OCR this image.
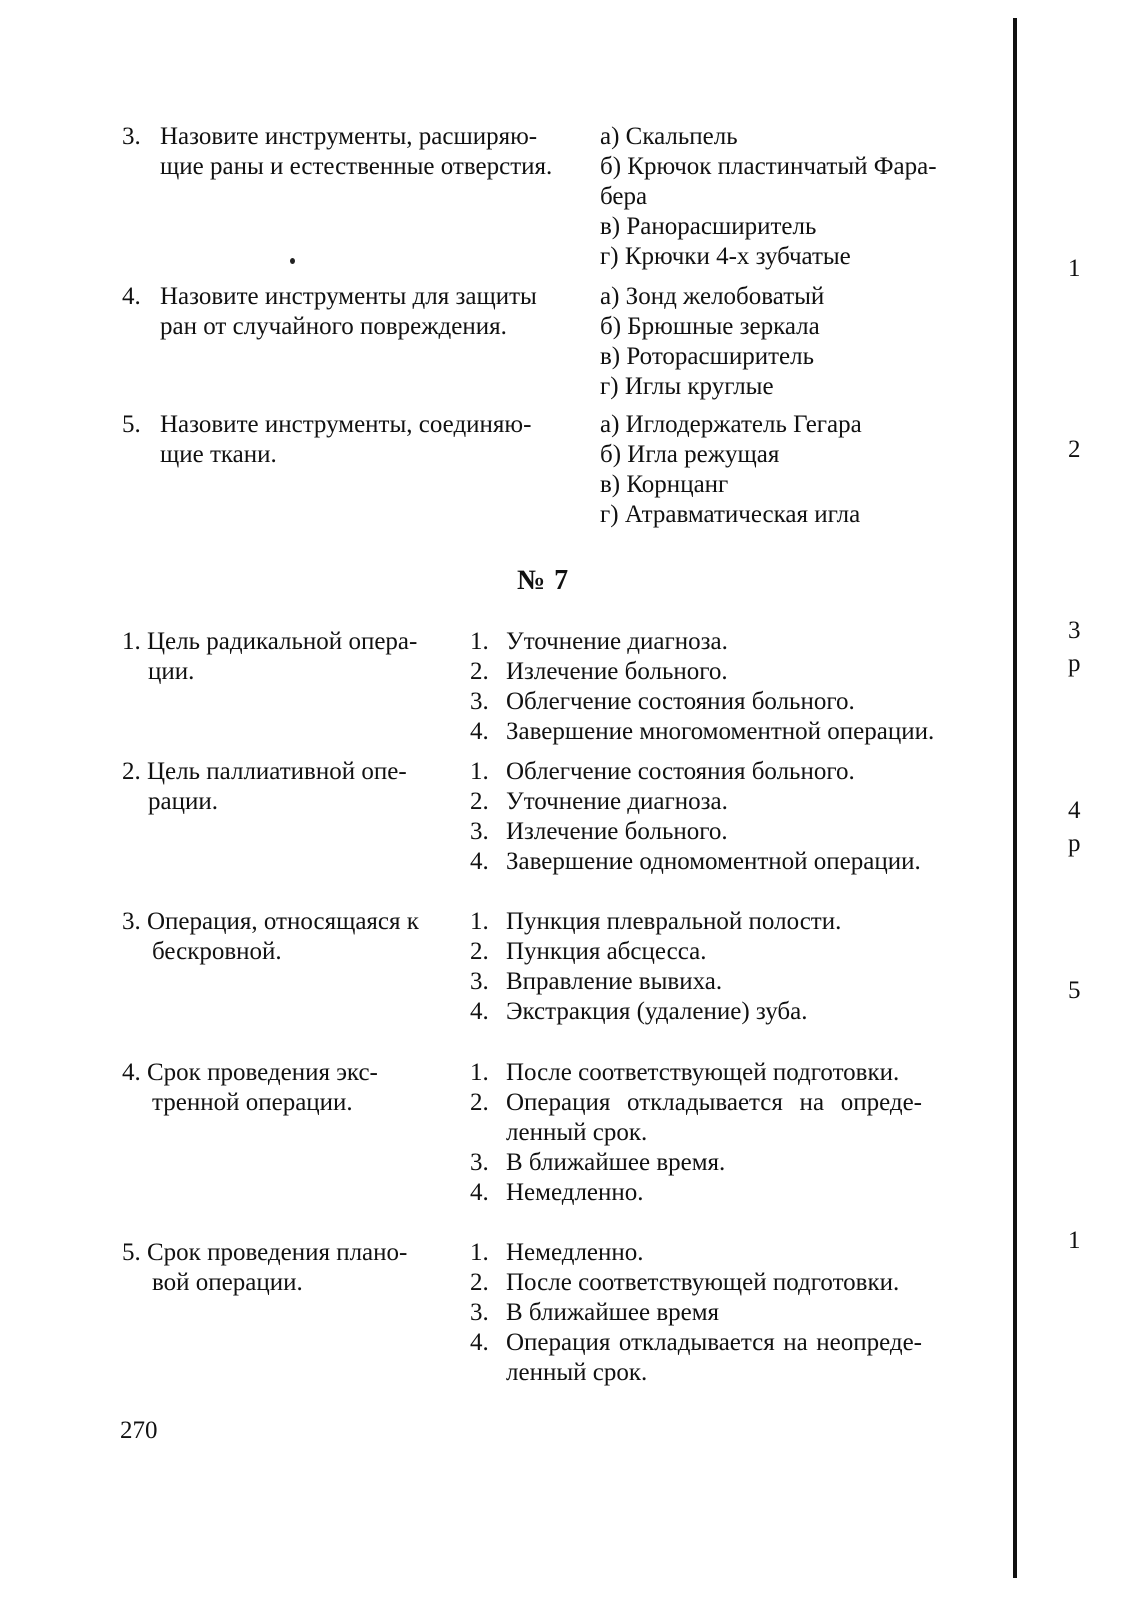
3. Назовите инструменты, расширяю-
щие раны и естественные отверстия.
а) Скальпель
б) Крючок пластинчатый Фара-
бера
в) Ранорасширитель
г) Крючки 4-х зубчатые
4. Назовите инструменты для защиты
ран от случайного повреждения.
а) Зонд желобоватый
б) Брюшные зеркала
в) Роторасширитель
г) Иглы круглые
5. Назовите инструменты, соединяю-
щие ткани.
а) Иглодержатель Гегара
б) Игла режущая
в) Корнцанг
г) Атравматическая игла
№ 7
1. Цель радикальной опера-
ции.
1. Уточнение диагноза.
2. Излечение больного.
3. Облегчение состояния больного.
4. Завершение многомоментной операции.
2. Цель паллиативной опе-
рации.
1. Облегчение состояния больного.
2. Уточнение диагноза.
3. Излечение больного.
4. Завершение одномоментной операции.
3. Операция, относящаяся к
бескровной.
1. Пункция плевральной полости.
2. Пункция абсцесса.
3. Вправление вывиха.
4. Экстракция (удаление) зуба.
4. Срок проведения экс-
тренной операции.
1. После соответствующей подготовки.
2. Операция откладывается на опреде-
ленный срок.
3. В ближайшее время.
4. Немедленно.
5. Срок проведения плано-
вой операции.
1. Немедленно.
2. После соответствующей подготовки.
3. В ближайшее время
4. Операция откладывается на неопреде-
ленный срок.
270
1
2
3
р
4
р
5
1
